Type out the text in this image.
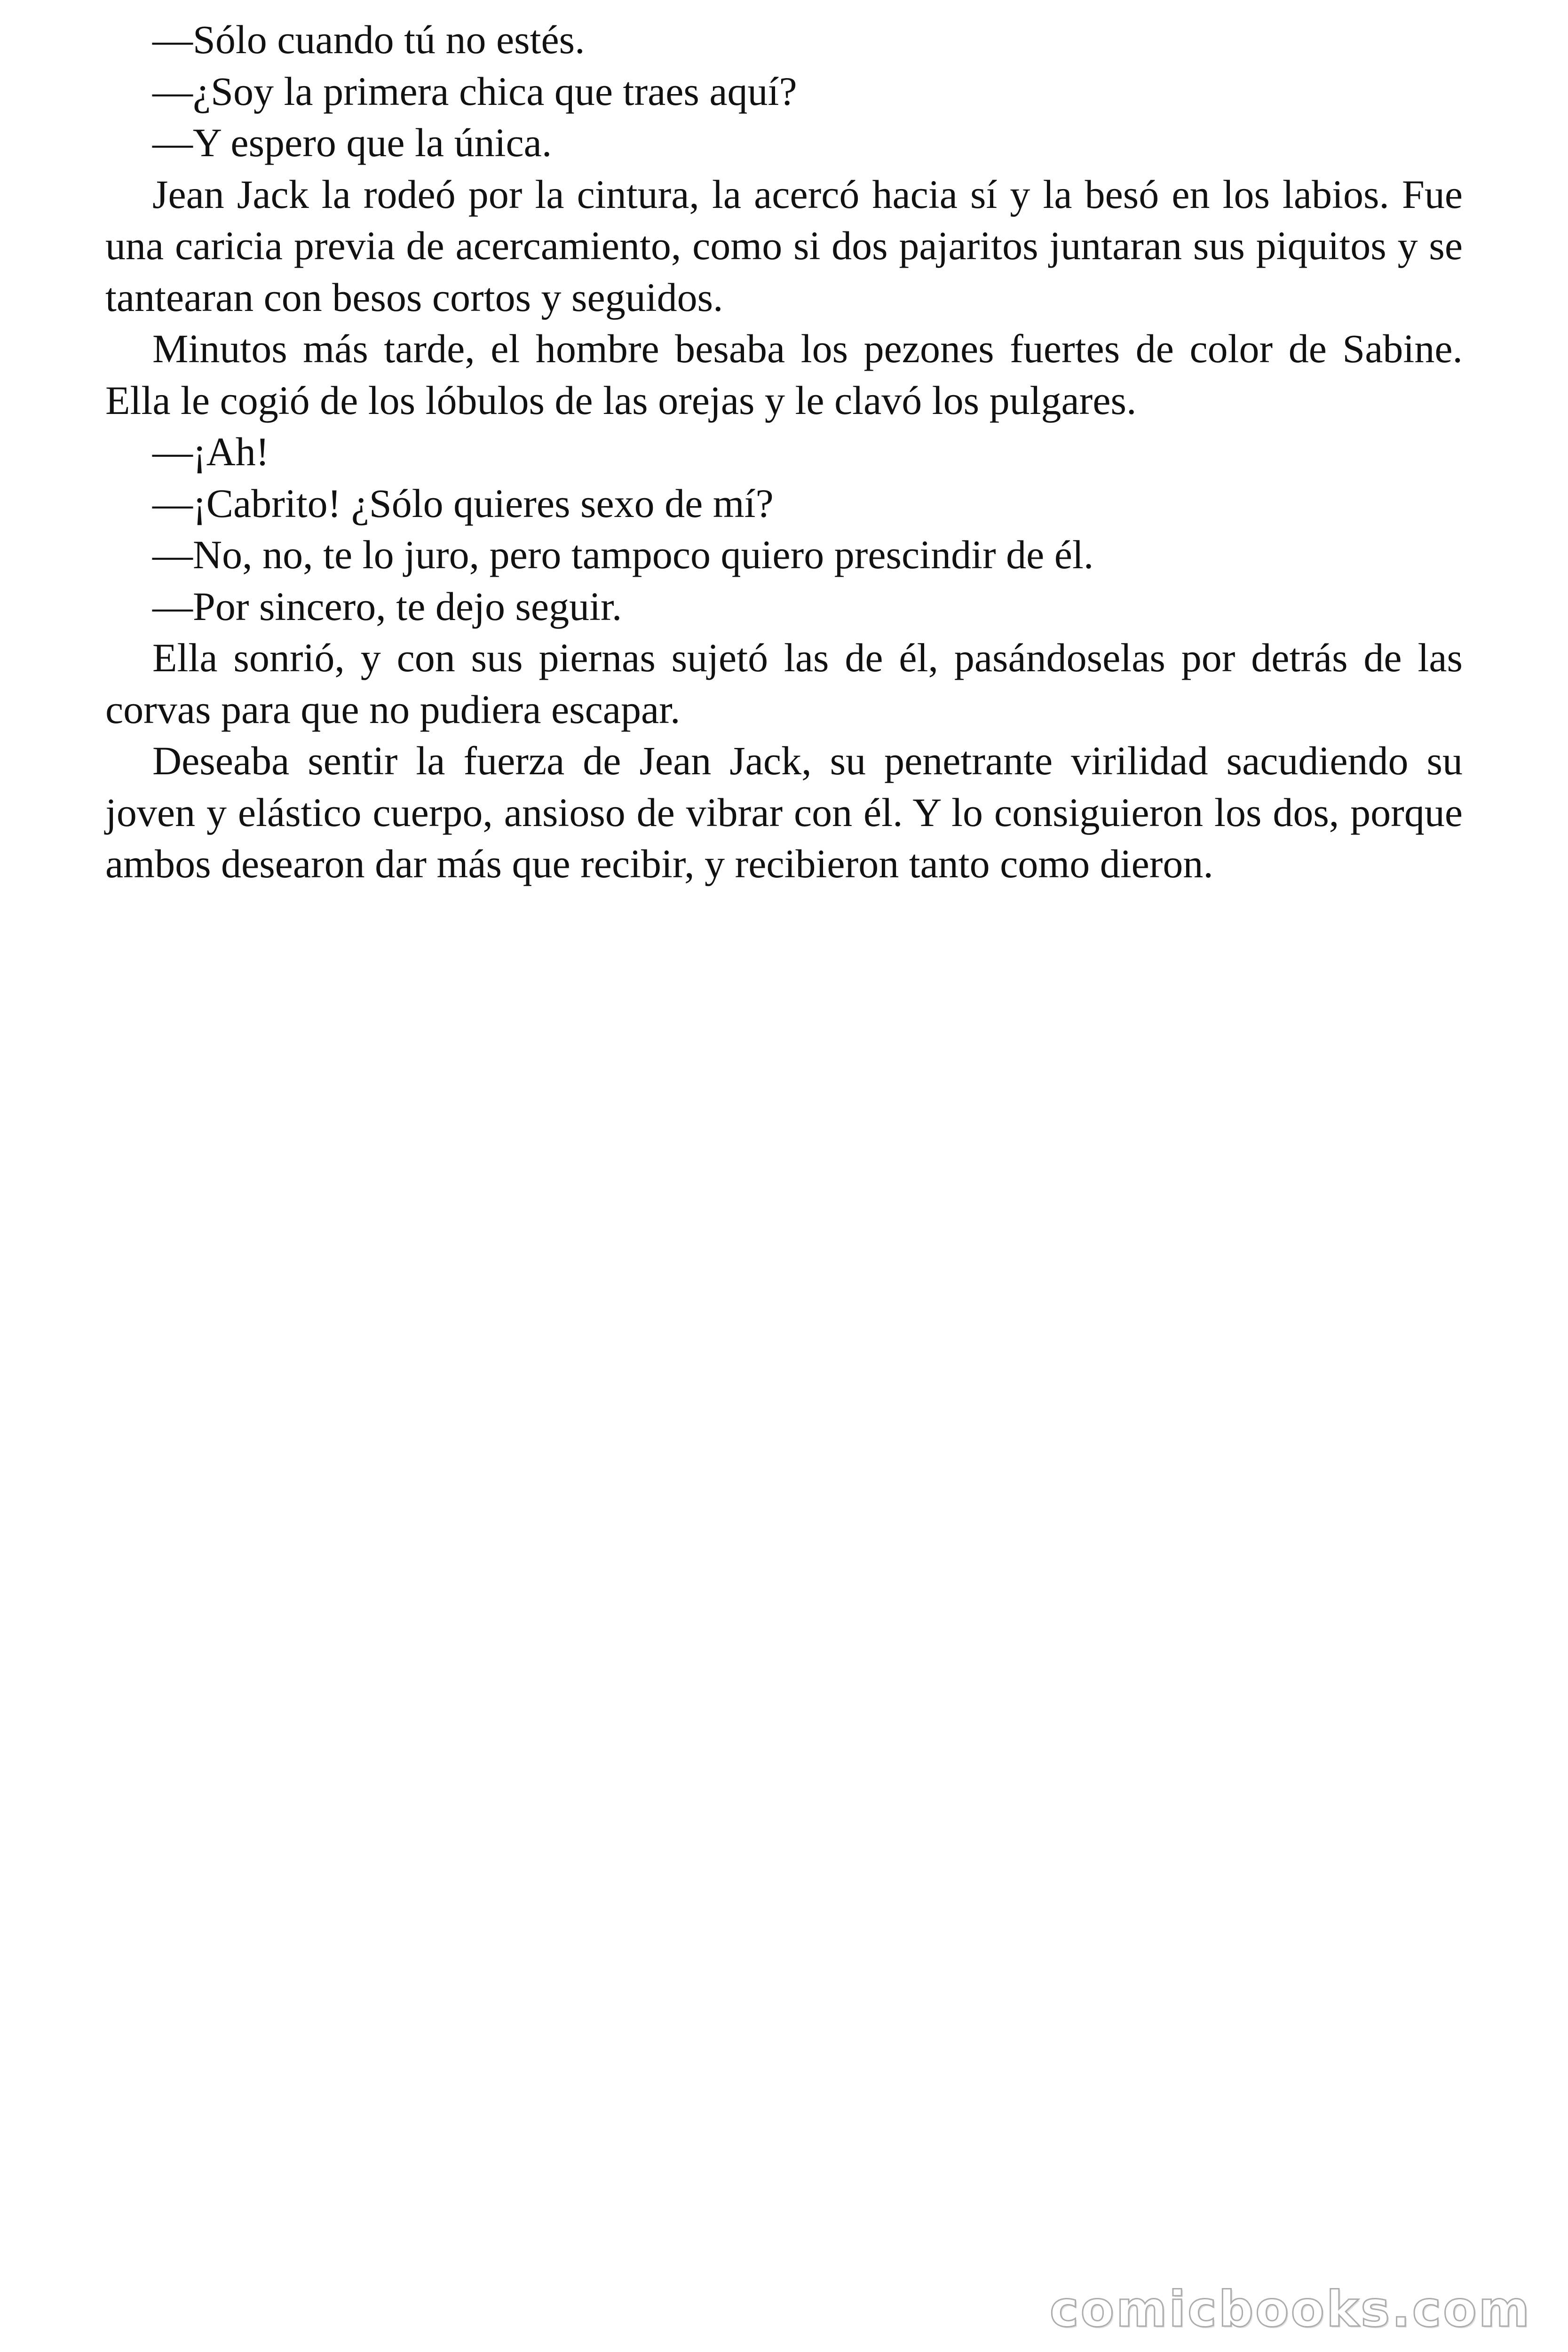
—Sólo cuando tú no estés.

—¿Soy la primera chica que traes aquí?

—Y espero que la única.

Jean Jack la rodeó por la cintura, la acercó hacia sí y la besó en los labios. Fue una caricia previa de acercamiento, como si dos pajaritos juntaran sus piquitos y se tantearan con besos cortos y seguidos.

Minutos más tarde, el hombre besaba los pezones fuertes de color de Sabine. Ella le cogió de los lóbulos de las orejas y le clavó los pulgares.

—¡Ah!

—¡Cabrito! ¿Sólo quieres sexo de mí?

—No, no, te lo juro, pero tampoco quiero prescindir de él.

—Por sincero, te dejo seguir.

Ella sonrió, y con sus piernas sujetó las de él, pasándoselas por detrás de las corvas para que no pudiera escapar.

Deseaba sentir la fuerza de Jean Jack, su penetrante virilidad sacudiendo su joven y elástico cuerpo, ansioso de vibrar con él. Y lo consiguieron los dos, porque ambos desearon dar más que recibir, y recibieron tanto como dieron.

comicbooks.com
